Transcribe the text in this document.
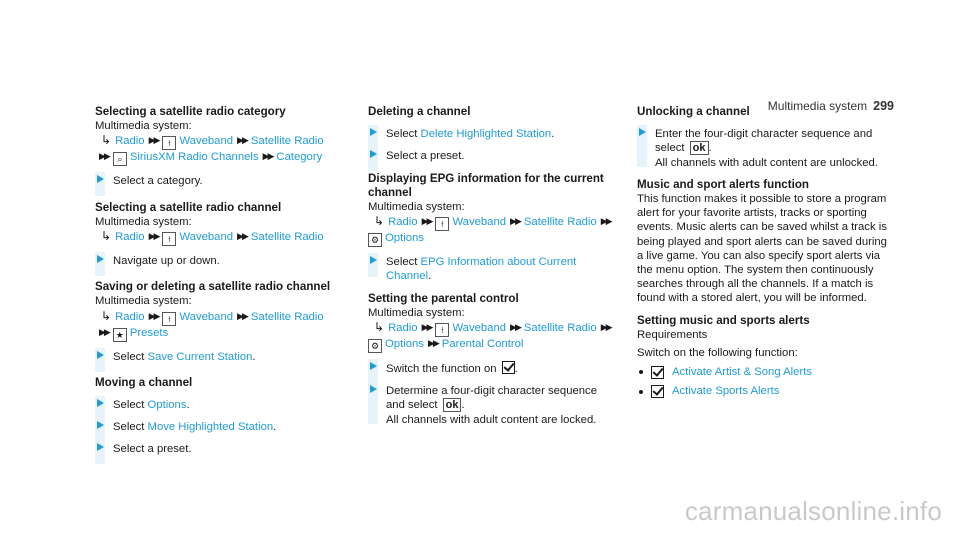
Multimedia system 299

Selecting a satellite radio category

Multimedia system:

↳ Radio ▶▶ ⟊ Waveband ▶▶ Satellite Radio▶▶ ⌕ SiriusXM Radio Channels ▶▶ Category

Select a category.

Selecting a satellite radio channel

Multimedia system:

↳ Radio ▶▶ ⟊ Waveband ▶▶ Satellite Radio

Navigate up or down.

Saving or deleting a satellite radio channel

Multimedia system:

↳ Radio ▶▶ ⟊ Waveband ▶▶ Satellite Radio▶▶ ★ Presets

Select Save Current Station.

Moving a channel

Select Options.
Select Move Highlighted Station.
Select a preset.

Deleting a channel

Select Delete Highlighted Station.
Select a preset.

Displaying EPG information for the current channel

Multimedia system:

↳ Radio ▶▶ ⟊ Waveband ▶▶ Satellite Radio ▶▶⚙ Options

Select EPG Information about Current Channel.

Setting the parental control

Multimedia system:

↳ Radio ▶▶ ⟊ Waveband ▶▶ Satellite Radio ▶▶⚙ Options ▶▶ Parental Control

Switch the function on .
Determine a four-digit character sequence
and select ok .
All channels with adult content are locked.

Unlocking a channel

Enter the four-digit character sequence and
select ok .
All channels with adult content are unlocked.

Music and sport alerts function

This function makes it possible to store a program alert for your favorite artists, tracks or sporting events. Music alerts can be saved whilst a track is being played and sport alerts can be saved during a live game. You can also specify sport alerts via the menu option. The system then continuously searches through all the channels. If a match is found with a stored alert, you will be informed.

Setting music and sports alerts

Requirements

Switch on the following function:

Activate Artist & Song Alerts
Activate Sports Alerts
carmanualsonline.info
